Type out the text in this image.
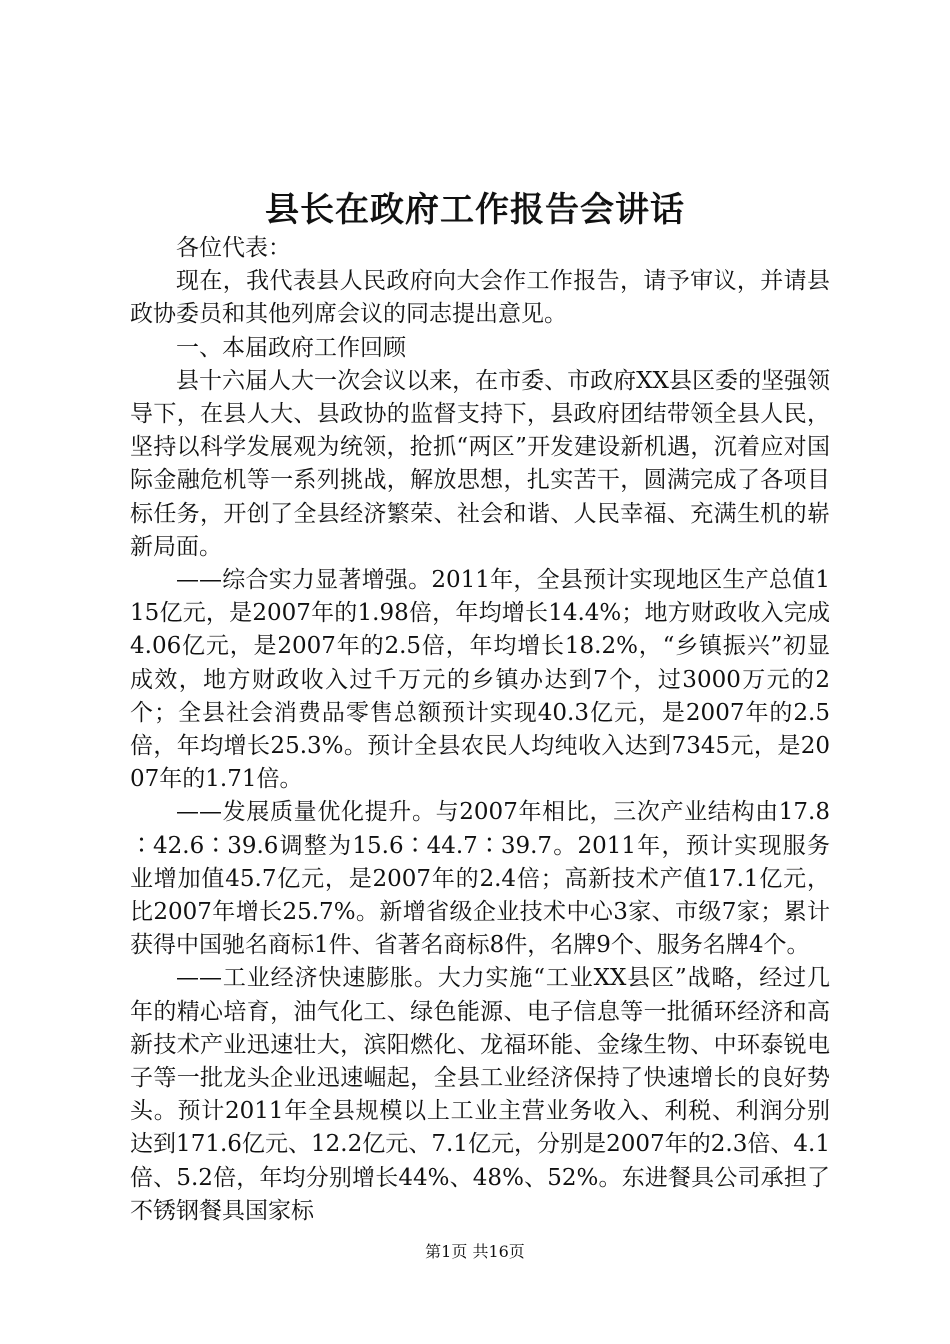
县长在政府工作报告会讲话

各位代表：

现在，我代表县人民政府向大会作工作报告，请予审议，并请县政协委员和其他列席会议的同志提出意见。

一、本届政府工作回顾

县十六届人大一次会议以来，在市委、市政府XX县区委的坚强领导下，在县人大、县政协的监督支持下，县政府团结带领全县人民，坚持以科学发展观为统领，抢抓“两区”开发建设新机遇，沉着应对国际金融危机等一系列挑战，解放思想，扎实苦干，圆满完成了各项目标任务，开创了全县经济繁荣、社会和谐、人民幸福、充满生机的崭新局面。

——综合实力显著增强。2011年，全县预计实现地区生产总值115亿元，是2007年的1.98倍，年均增长14.4%；地方财政收入完成4.06亿元，是2007年的2.5倍，年均增长18.2%，“乡镇振兴”初显成效，地方财政收入过千万元的乡镇办达到7个，过3000万元的2个；全县社会消费品零售总额预计实现40.3亿元，是2007年的2.5倍，年均增长25.3%。预计全县农民人均纯收入达到7345元，是2007年的1.71倍。

——发展质量优化提升。与2007年相比，三次产业结构由17.8∶42.6∶39.6调整为15.6∶44.7∶39.7。2011年，预计实现服务业增加值45.7亿元，是2007年的2.4倍；高新技术产值17.1亿元，比2007年增长25.7%。新增省级企业技术中心3家、市级7家；累计获得中国驰名商标1件、省著名商标8件，名牌9个、服务名牌4个。

——工业经济快速膨胀。大力实施“工业XX县区”战略，经过几年的精心培育，油气化工、绿色能源、电子信息等一批循环经济和高新技术产业迅速壮大，滨阳燃化、龙福环能、金缘生物、中环泰锐电子等一批龙头企业迅速崛起，全县工业经济保持了快速增长的良好势头。预计2011年全县规模以上工业主营业务收入、利税、利润分别达到171.6亿元、12.2亿元、7.1亿元，分别是2007年的2.3倍、4.1倍、5.2倍，年均分别增长44%、48%、52%。东进餐具公司承担了不锈钢餐具国家标

第1页 共16页
